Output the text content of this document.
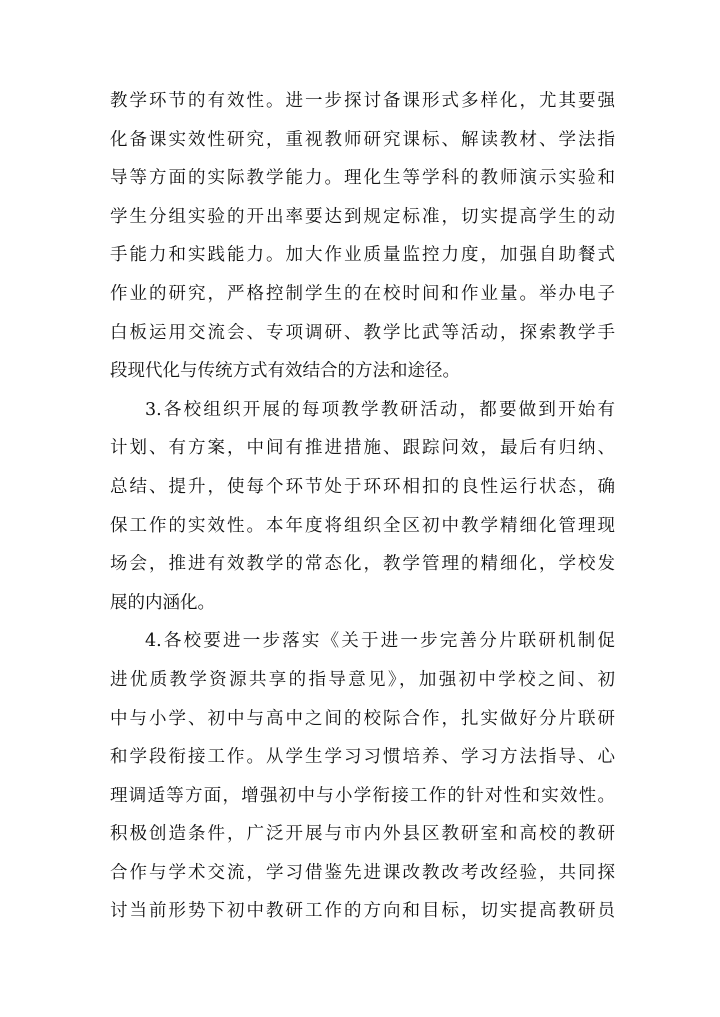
教学环节的有效性。进一步探讨备课形式多样化，尤其要强
化备课实效性研究，重视教师研究课标、解读教材、学法指
导等方面的实际教学能力。理化生等学科的教师演示实验和
学生分组实验的开出率要达到规定标准，切实提高学生的动
手能力和实践能力。加大作业质量监控力度，加强自助餐式
作业的研究，严格控制学生的在校时间和作业量。举办电子
白板运用交流会、专项调研、教学比武等活动，探索教学手
段现代化与传统方式有效结合的方法和途径。
3.各校组织开展的每项教学教研活动，都要做到开始有
计划、有方案，中间有推进措施、跟踪问效，最后有归纳、
总结、提升，使每个环节处于环环相扣的良性运行状态，确
保工作的实效性。本年度将组织全区初中教学精细化管理现
场会，推进有效教学的常态化，教学管理的精细化，学校发
展的内涵化。
4.各校要进一步落实《关于进一步完善分片联研机制促
进优质教学资源共享的指导意见》，加强初中学校之间、初
中与小学、初中与高中之间的校际合作，扎实做好分片联研
和学段衔接工作。从学生学习习惯培养、学习方法指导、心
理调适等方面，增强初中与小学衔接工作的针对性和实效性。
积极创造条件，广泛开展与市内外县区教研室和高校的教研
合作与学术交流，学习借鉴先进课改教改考改经验，共同探
讨当前形势下初中教研工作的方向和目标，切实提高教研员
